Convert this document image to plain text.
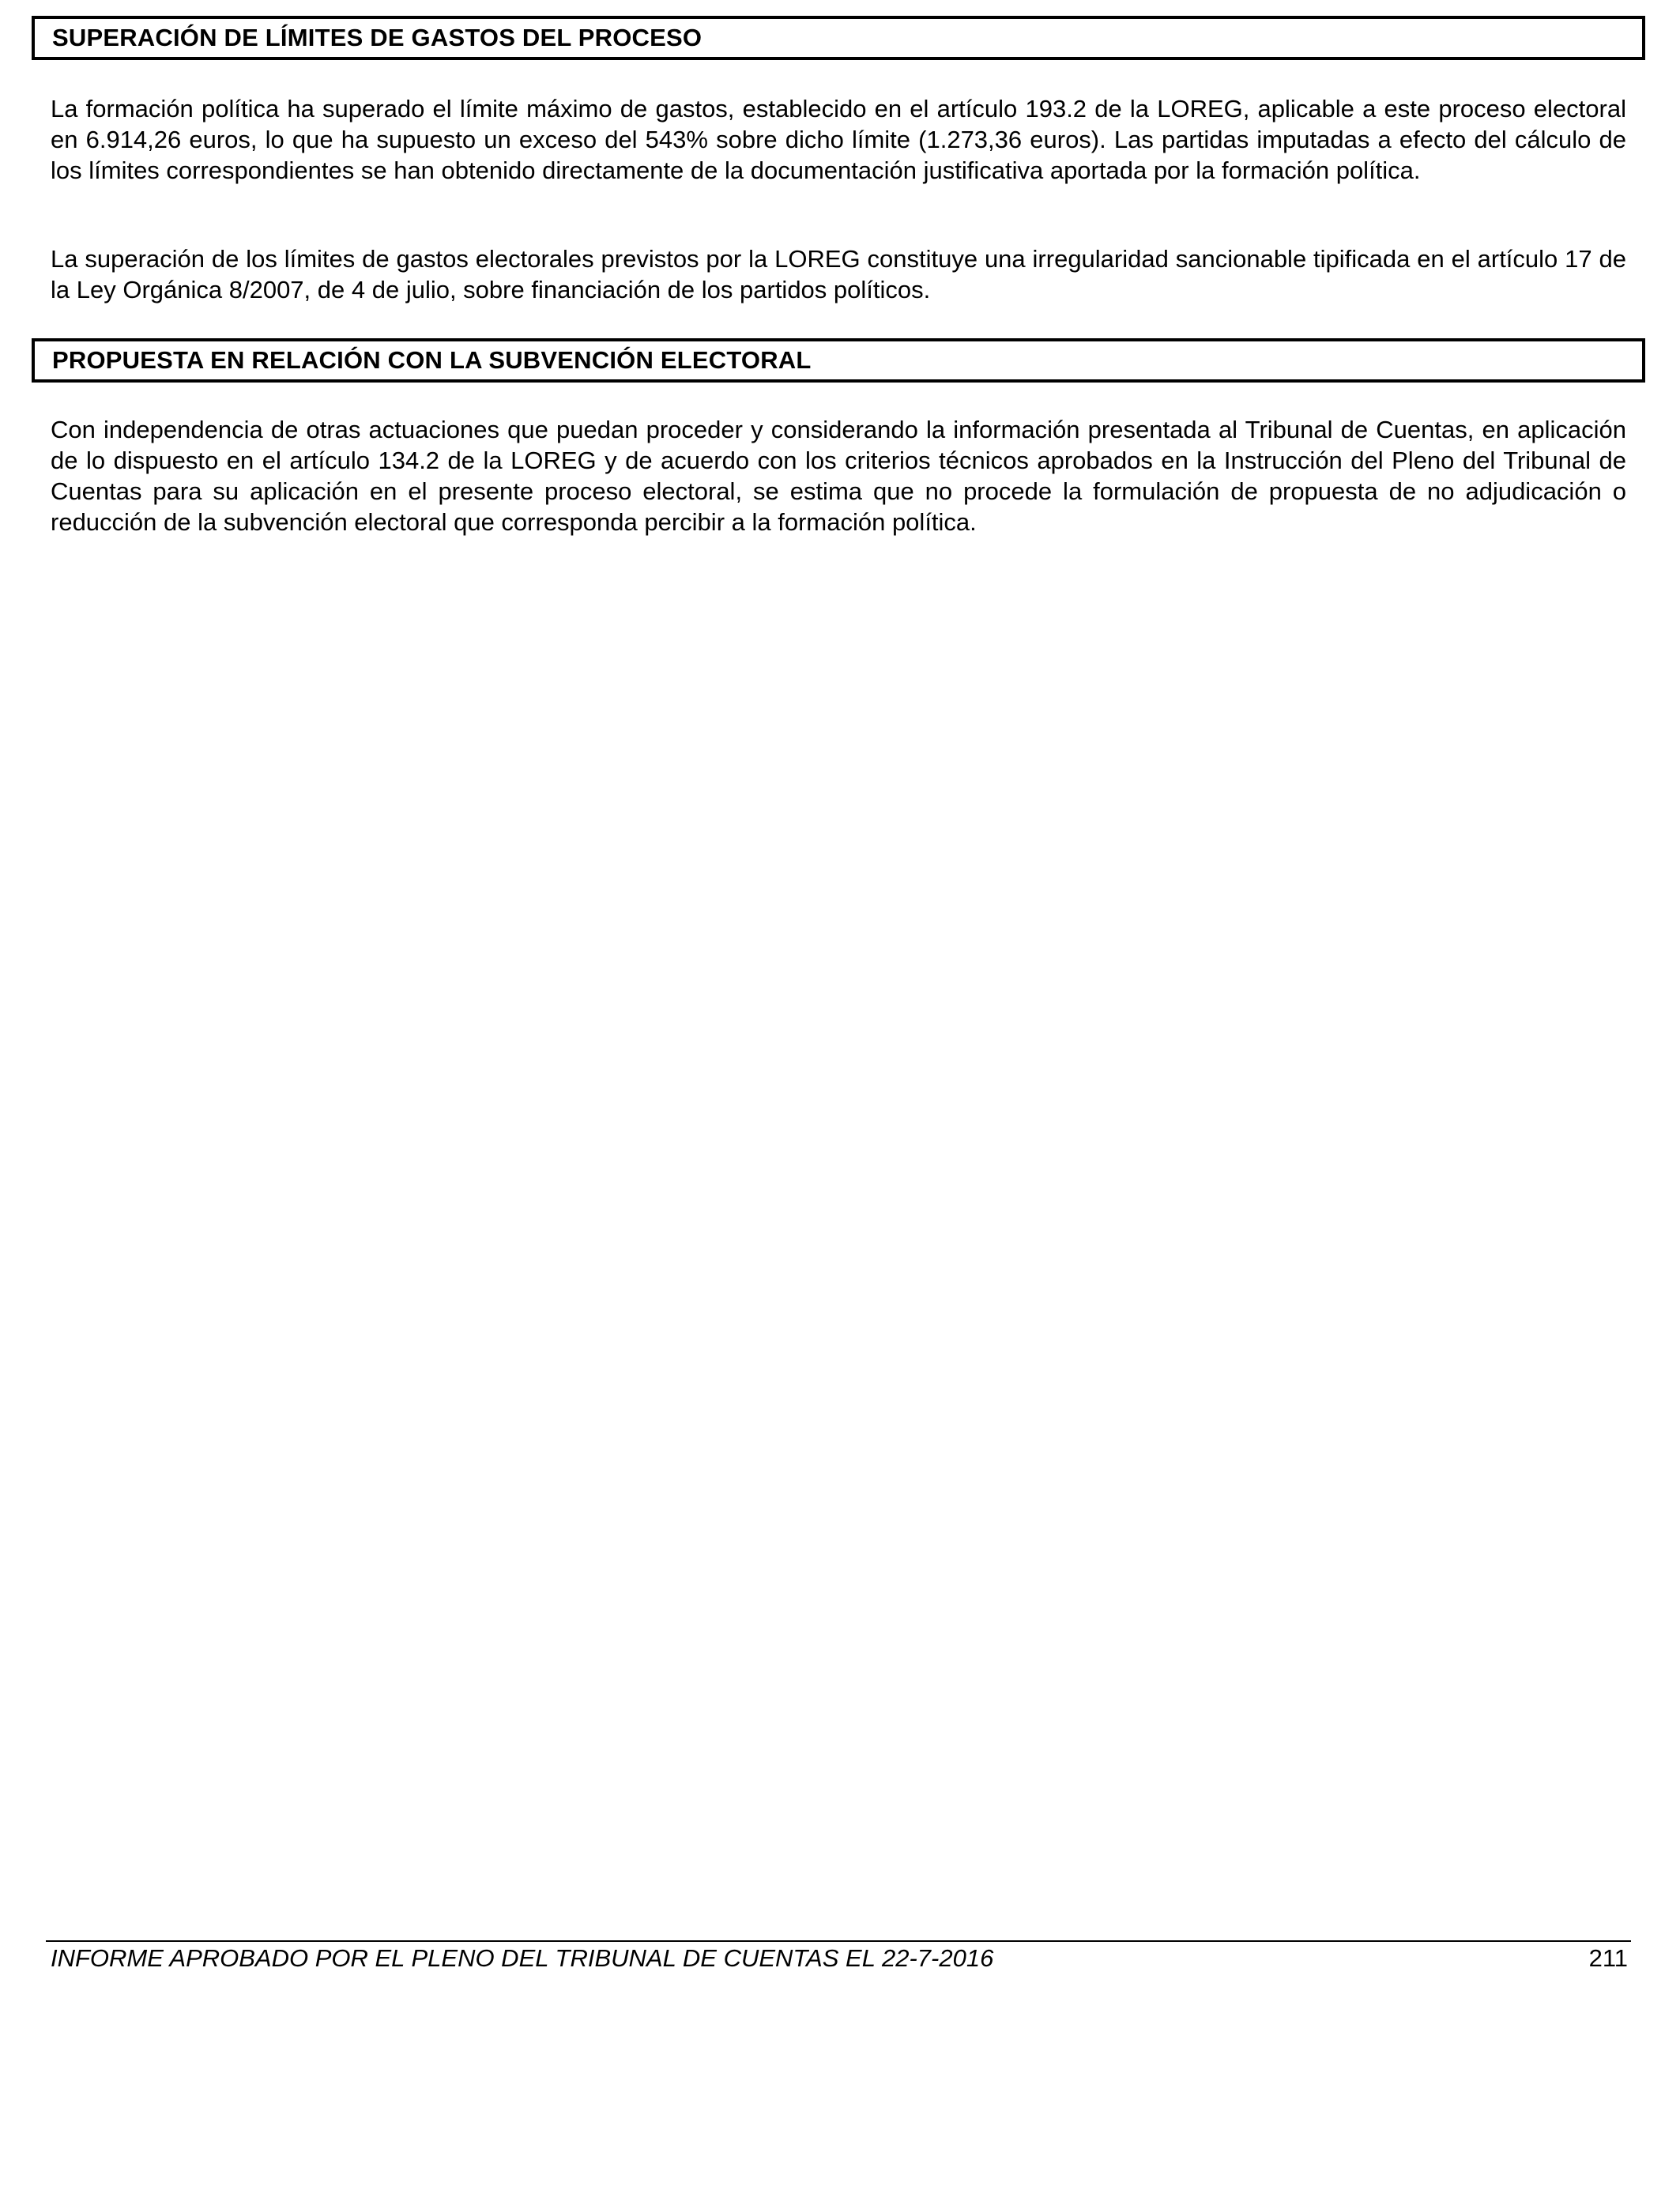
SUPERACIÓN DE LÍMITES DE GASTOS DEL PROCESO

La formación política ha superado el límite máximo de gastos, establecido en el artículo 193.2 de la LOREG, aplicable a este proceso electoral en 6.914,26 euros, lo que ha supuesto un exceso del 543% sobre dicho límite (1.273,36 euros). Las partidas imputadas a efecto del cálculo de los límites correspondientes se han obtenido directamente de la documentación justificativa aportada por la formación política.

La superación de los límites de gastos electorales previstos por la LOREG constituye una irregularidad sancionable tipificada en el artículo 17 de la Ley Orgánica 8/2007, de 4 de julio, sobre financiación de los partidos políticos.

PROPUESTA EN RELACIÓN CON LA SUBVENCIÓN ELECTORAL

Con independencia de otras actuaciones que puedan proceder y considerando la información presentada al Tribunal de Cuentas, en aplicación de lo dispuesto en el artículo 134.2 de la LOREG y de acuerdo con los criterios técnicos aprobados en la Instrucción del Pleno del Tribunal de Cuentas para su aplicación en el presente proceso electoral, se estima que no procede la formulación de propuesta de no adjudicación o reducción de la subvención electoral que corresponda percibir a la formación política.

INFORME APROBADO POR EL PLENO DEL TRIBUNAL DE CUENTAS EL 22-7-2016	211
